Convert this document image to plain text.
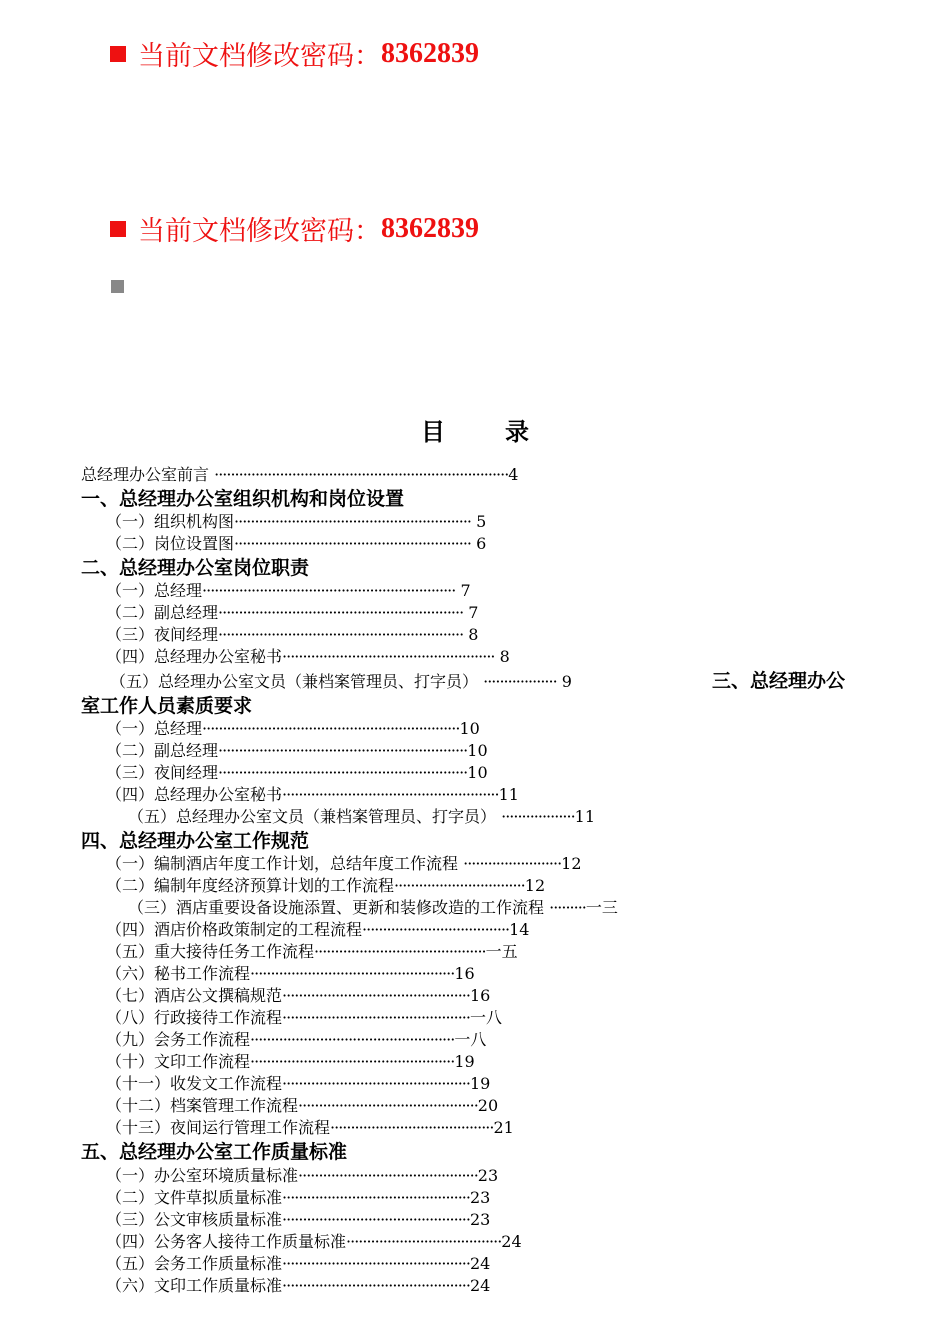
当前文档修改密码： 8362839
当前文档修改密码： 8362839
目	录
总经理办公室前言 ········································································4
一、总经理办公室组织机构和岗位设置
（一）组织机构图·························································· 5
（二）岗位设置图·························································· 6
二、总经理办公室岗位职责
（一）总经理······························································ 7
（二）副总经理···························································· 7
（三）夜间经理···························································· 8
（四）总经理办公室秘书···················································· 8
（五）总经理办公室文员（兼档案管理员、打字员） ·················· 9	三、总经理办公
室工作人员素质要求
（一）总经理·······························································10
（二）副总经理·····························································10
（三）夜间经理·····························································10
（四）总经理办公室秘书·····················································11
（五）总经理办公室文员（兼档案管理员、打字员） ··················11
四、总经理办公室工作规范
（一）编制酒店年度工作计划，总结年度工作流程 ························12
（二）编制年度经济预算计划的工作流程································12
（三）酒店重要设备设施添置、更新和装修改造的工作流程 ·········一三
（四）酒店价格政策制定的工程流程····································14
（五）重大接待任务工作流程··········································一五
（六）秘书工作流程··················································16
（七）酒店公文撰稿规范··············································16
（八）行政接待工作流程··············································一八
（九）会务工作流程··················································一八
（十）文印工作流程··················································19
（十一）收发文工作流程··············································19
（十二）档案管理工作流程············································20
（十三）夜间运行管理工作流程········································21
五、总经理办公室工作质量标准
（一）办公室环境质量标准············································23
（二）文件草拟质量标准··············································23
（三）公文审核质量标准··············································23
（四）公务客人接待工作质量标准······································24
（五）会务工作质量标准··············································24
（六）文印工作质量标准··············································24
